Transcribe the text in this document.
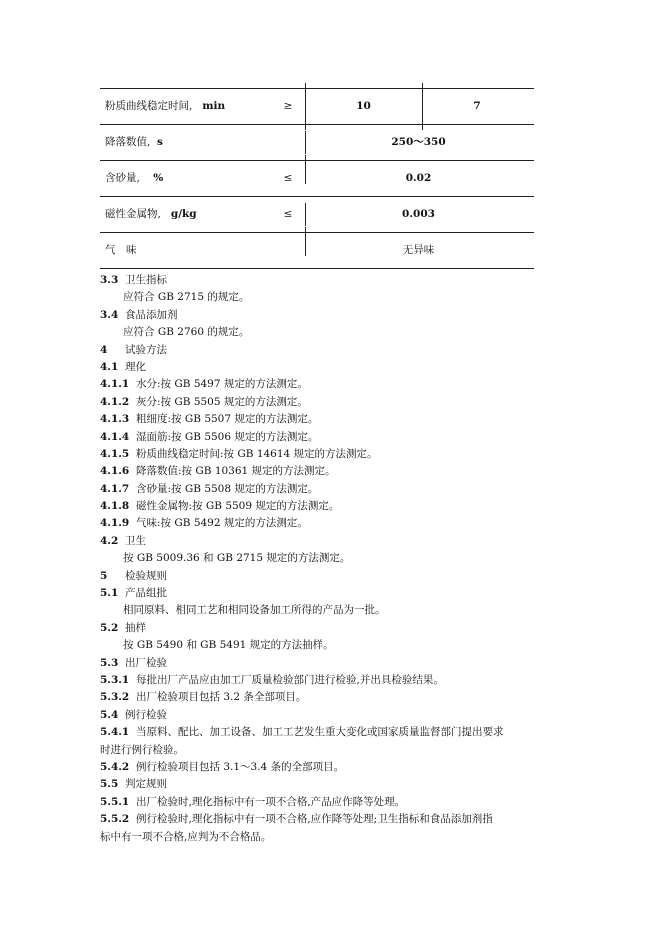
粉质曲线稳定时间, min	≥	10	7
降落数值, s	250～350
含砂量, %	≤	0.02
磁性金属物, g/kg	≤	0.003
气　味	无异味
3.3 卫生指标
应符合 GB 2715 的规定。
3.4 食品添加剂
应符合 GB 2760 的规定。
4 试验方法
4.1 理化
4.1.1 水分:按 GB 5497 规定的方法测定。
4.1.2 灰分:按 GB 5505 规定的方法测定。
4.1.3 粗细度:按 GB 5507 规定的方法测定。
4.1.4 湿面筋:按 GB 5506 规定的方法测定。
4.1.5 粉质曲线稳定时间:按 GB 14614 规定的方法测定。
4.1.6 降落数值:按 GB 10361 规定的方法测定。
4.1.7 含砂量:按 GB 5508 规定的方法测定。
4.1.8 磁性金属物:按 GB 5509 规定的方法测定。
4.1.9 气味:按 GB 5492 规定的方法测定。
4.2 卫生
按 GB 5009.36 和 GB 2715 规定的方法测定。
5 检验规则
5.1 产品组批
相同原料、相同工艺和相同设备加工所得的产品为一批。
5.2 抽样
按 GB 5490 和 GB 5491 规定的方法抽样。
5.3 出厂检验
5.3.1 每批出厂产品应由加工厂质量检验部门进行检验,并出具检验结果。
5.3.2 出厂检验项目包括 3.2 条全部项目。
5.4 例行检验
5.4.1 当原料、配比、加工设备、加工工艺发生重大变化或国家质量监督部门提出要求
时进行例行检验。
5.4.2 例行检验项目包括 3.1～3.4 条的全部项目。
5.5 判定规则
5.5.1 出厂检验时,理化指标中有一项不合格,产品应作降等处理。
5.5.2 例行检验时,理化指标中有一项不合格,应作降等处理;卫生指标和食品添加剂指
标中有一项不合格,应判为不合格品。
